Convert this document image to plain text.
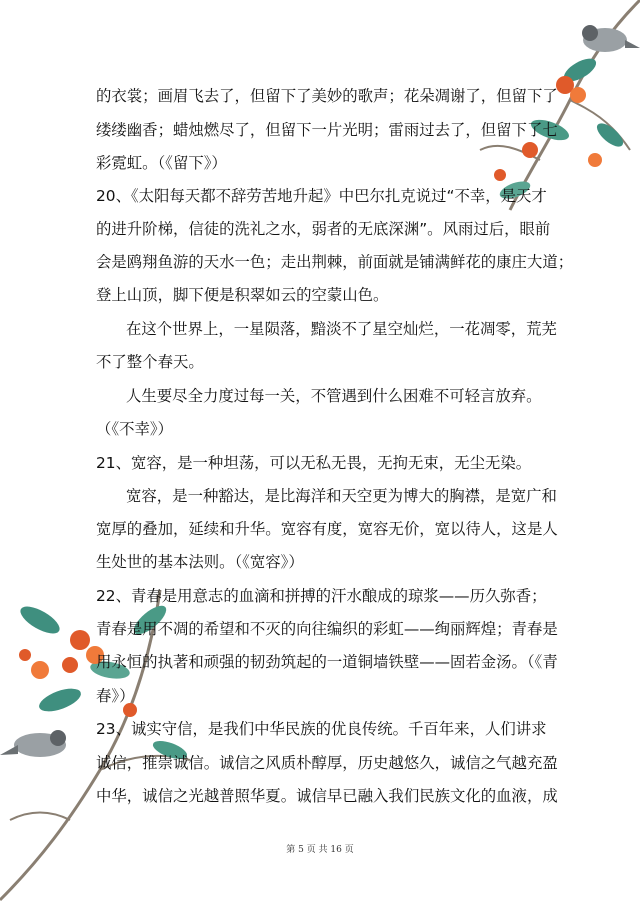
的衣裳；画眉飞去了，但留下了美妙的歌声；花朵凋谢了，但留下了
缕缕幽香；蜡烛燃尽了，但留下一片光明；雷雨过去了，但留下了七
彩霓虹。（《留下》）
20、《太阳每天都不辞劳苦地升起》中巴尔扎克说过“不幸，是天才
的进升阶梯，信徒的洗礼之水，弱者的无底深渊”。风雨过后，眼前
会是鸥翔鱼游的天水一色；走出荆棘，前面就是铺满鲜花的康庄大道；
登上山顶，脚下便是积翠如云的空蒙山色。
在这个世界上，一星陨落，黯淡不了星空灿烂，一花凋零，荒芜
不了整个春天。
人生要尽全力度过每一关，不管遇到什么困难不可轻言放弃。
（《不幸》）
21、宽容，是一种坦荡，可以无私无畏，无拘无束，无尘无染。
宽容，是一种豁达，是比海洋和天空更为博大的胸襟，是宽广和
宽厚的叠加，延续和升华。宽容有度，宽容无价，宽以待人，这是人
生处世的基本法则。（《宽容》）
22、青春是用意志的血滴和拼搏的汗水酿成的琼浆——历久弥香；
青春是用不凋的希望和不灭的向往编织的彩虹——绚丽辉煌；青春是
用永恒的执著和顽强的韧劲筑起的一道铜墙铁壁——固若金汤。（《青
春》）
23、诚实守信，是我们中华民族的优良传统。千百年来，人们讲求
诚信，推崇诚信。诚信之风质朴醇厚，历史越悠久，诚信之气越充盈
中华，诚信之光越普照华夏。诚信早已融入我们民族文化的血液，成
第 5 页 共 16 页
